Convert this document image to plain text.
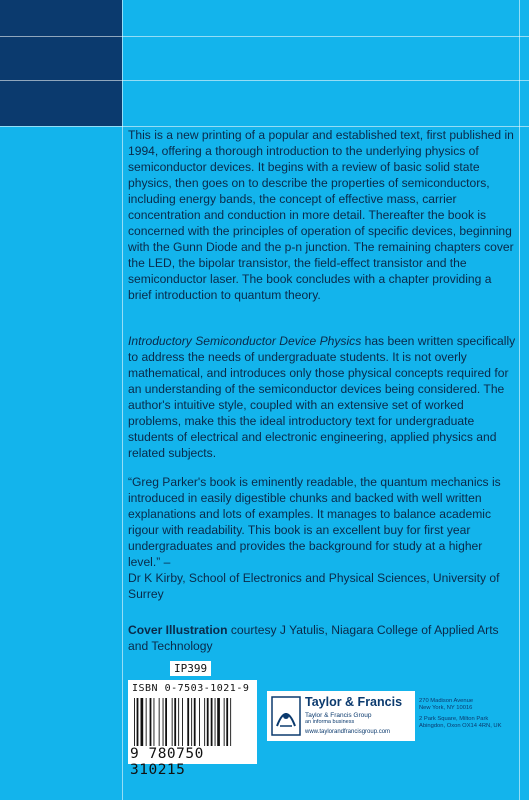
This is a new printing of a popular and established text, first published in 1994, offering a thorough introduction to the underlying physics of semiconductor devices. It begins with a review of basic solid state physics, then goes on to describe the properties of semiconductors, including energy bands, the concept of effective mass, carrier concentration and conduction in more detail. Thereafter the book is concerned with the principles of operation of specific devices, beginning with the Gunn Diode and the p-n junction. The remaining chapters cover the LED, the bipolar transistor, the field-effect transistor and the semiconductor laser. The book concludes with a chapter providing a brief introduction to quantum theory.

Introductory Semiconductor Device Physics has been written specifically to address the needs of undergraduate students. It is not overly mathematical, and introduces only those physical concepts required for an understanding of the semiconductor devices being considered. The author's intuitive style, coupled with an extensive set of worked problems, make this the ideal introductory text for undergraduate students of electrical and electronic engineering, applied physics and related subjects.

“Greg Parker's book is eminently readable, the quantum mechanics is introduced in easily digestible chunks and backed with well written explanations and lots of examples. It manages to balance academic rigour with readability. This book is an excellent buy for first year undergraduates and provides the background for study at a higher level.” –

Dr K Kirby, School of Electronics and Physical Sciences, University of Surrey

Cover Illustration courtesy J Yatulis, Niagara College of Applied Arts and Technology

IP399
ISBN 0-7503-1021-9
9 780750 310215
Taylor & Francis
Taylor & Francis Group
an informa business
www.taylorandfrancisgroup.com
270 Madison Avenue
New York, NY 10016
2 Park Square, Milton Park
Abingdon, Oxon OX14 4RN, UK
